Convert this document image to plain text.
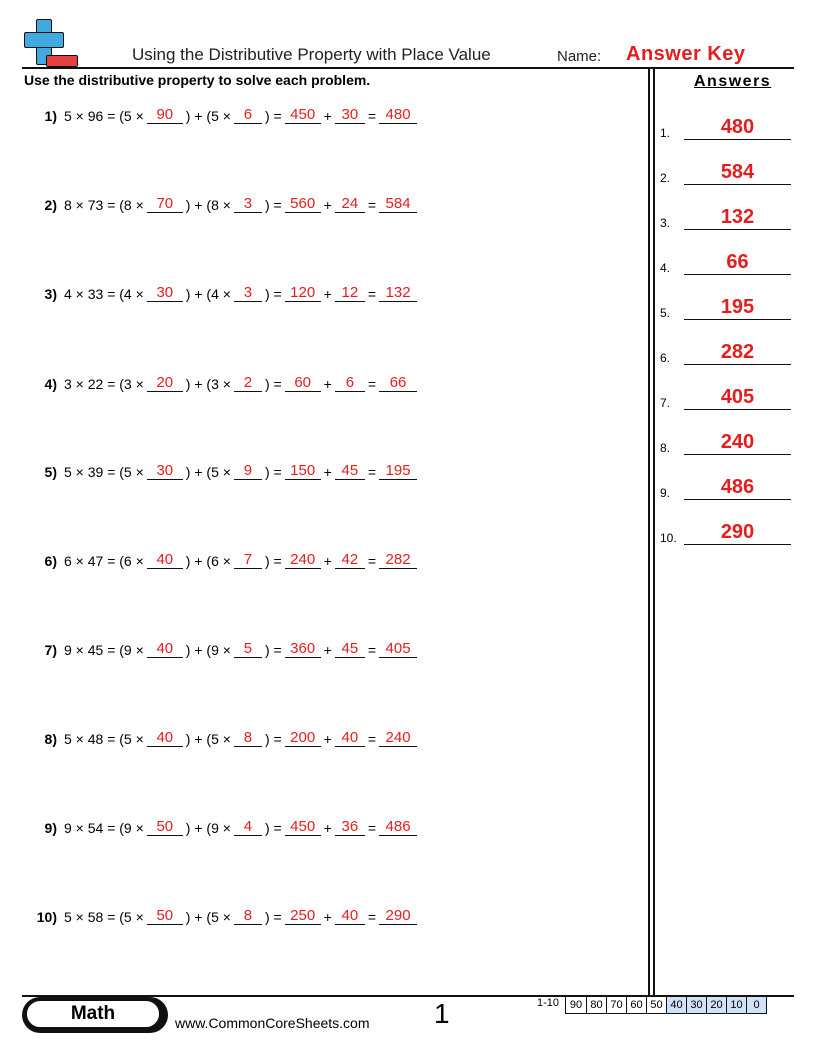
Using the Distributive Property with Place Value	Name: Answer Key
Use the distributive property to solve each problem.	Answers
1) 5 × 96 = (5 × 90 ) + (5 × 6 ) = 450 + 30 = 480
2) 8 × 73 = (8 × 70 ) + (8 × 3 ) = 560 + 24 = 584
3) 4 × 33 = (4 × 30 ) + (4 × 3 ) = 120 + 12 = 132
4) 3 × 22 = (3 × 20 ) + (3 × 2 ) = 60 + 6 = 66
5) 5 × 39 = (5 × 30 ) + (5 × 9 ) = 150 + 45 = 195
6) 6 × 47 = (6 × 40 ) + (6 × 7 ) = 240 + 42 = 282
7) 9 × 45 = (9 × 40 ) + (9 × 5 ) = 360 + 45 = 405
8) 5 × 48 = (5 × 40 ) + (5 × 8 ) = 200 + 40 = 240
9) 9 × 54 = (9 × 50 ) + (9 × 4 ) = 450 + 36 = 486
10) 5 × 58 = (5 × 50 ) + (5 × 8 ) = 250 + 40 = 290
1.	480
2.	584
3.	132
4.	66
5.	195
6.	282
7.	405
8.	240
9.	486
10.	290
Math	www.CommonCoreSheets.com 1	1-10 90 80 70 60 50 40 30 20 10 0
